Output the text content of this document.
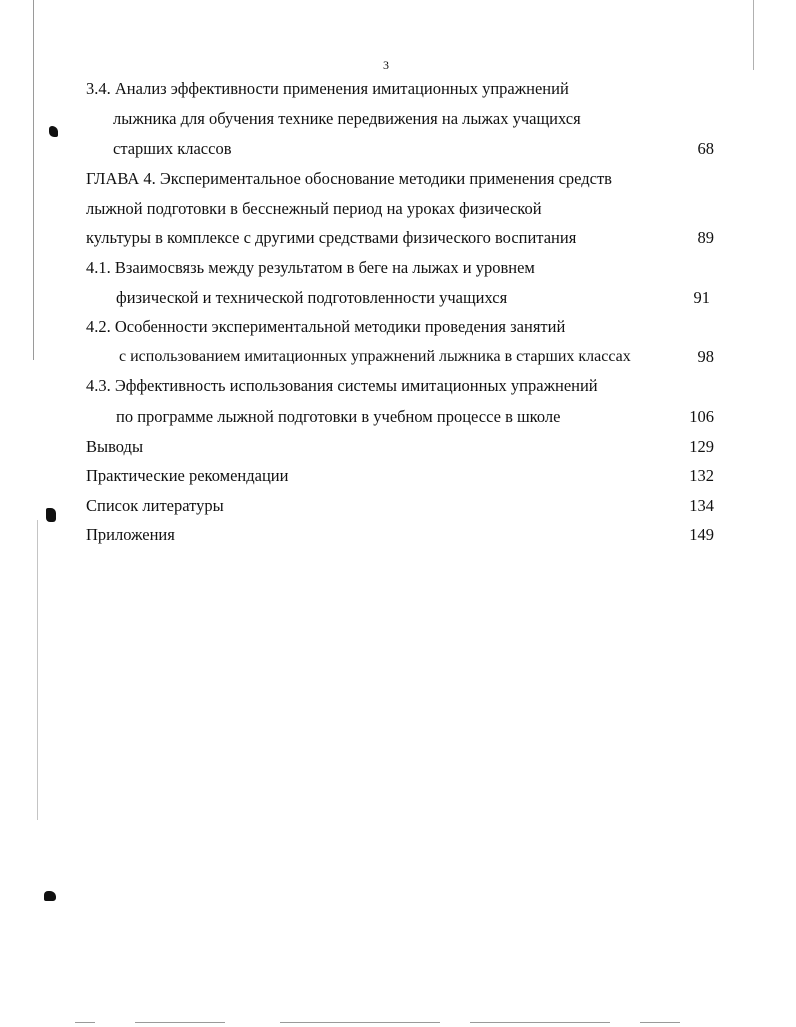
3
3.4. Анализ эффективности применения имитационных упражнений
лыжника для обучения технике передвижения на лыжах учащихся
старших классов	68
ГЛАВА 4. Экспериментальное обоснование методики применения средств
лыжной подготовки в бесснежный период на уроках физической
культуры в комплексе с другими средствами физического воспитания	89
4.1. Взаимосвязь между результатом в беге на лыжах и уровнем
физической и технической подготовленности учащихся	91
4.2. Особенности экспериментальной методики проведения занятий
с использованием имитационных упражнений лыжника в старших классах	98
4.3. Эффективность использования системы имитационных упражнений
по программе лыжной подготовки в учебном процессе в школе	106
Выводы	129
Практические рекомендации	132
Список литературы	134
Приложения	149
